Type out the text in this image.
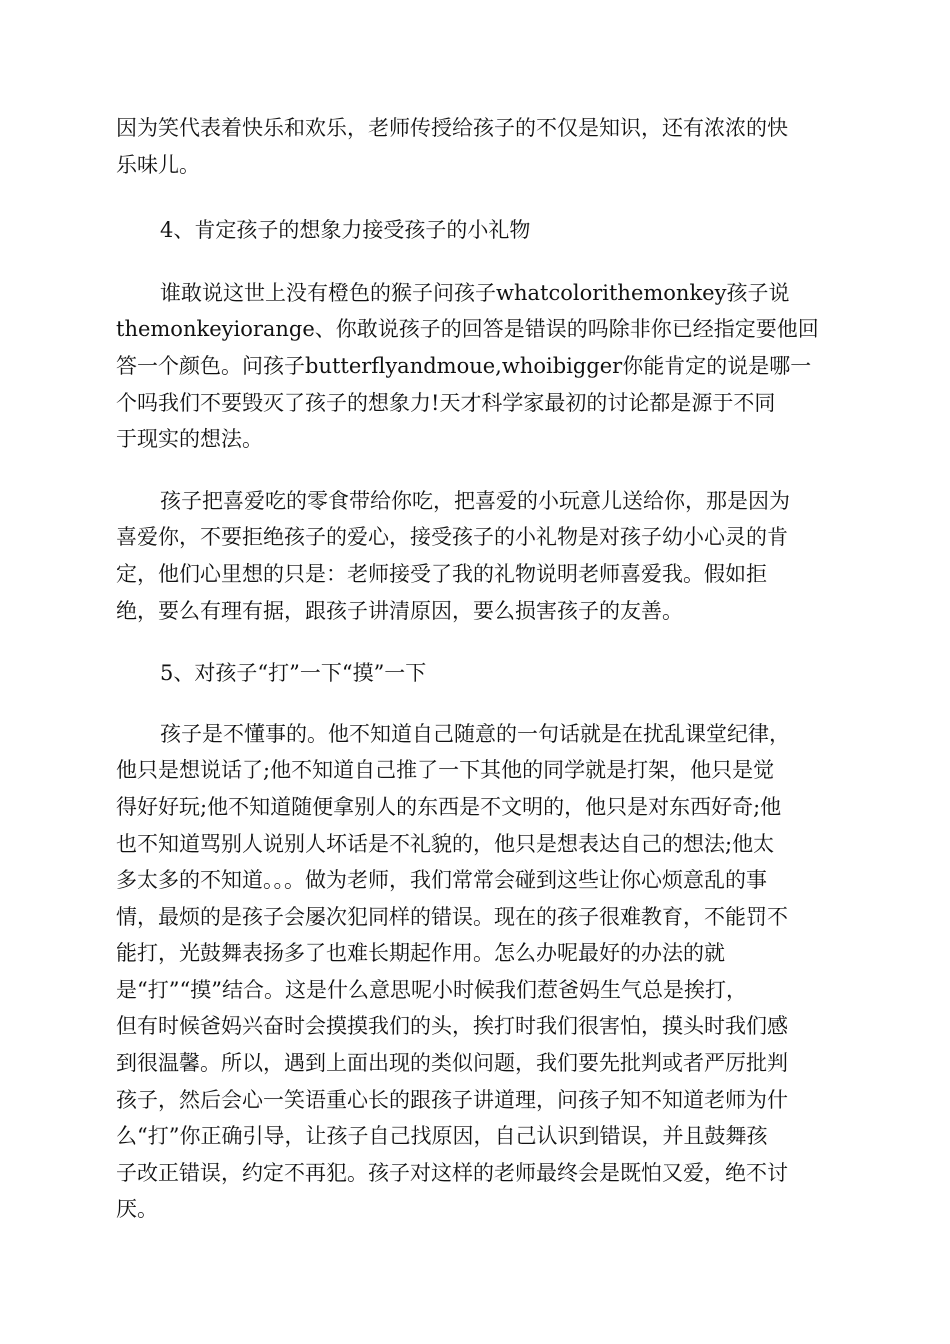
因为笑代表着快乐和欢乐，老师传授给孩子的不仅是知识，还有浓浓的快
乐味儿。

4、肯定孩子的想象力接受孩子的小礼物

谁敢说这世上没有橙色的猴子问孩子whatcolorithemonkey孩子说
themonkeyiorange、你敢说孩子的回答是错误的吗除非你已经指定要他回
答一个颜色。问孩子butterflyandmoue,whoibigger你能肯定的说是哪一
个吗我们不要毁灭了孩子的想象力!天才科学家最初的讨论都是源于不同
于现实的想法。

孩子把喜爱吃的零食带给你吃，把喜爱的小玩意儿送给你，那是因为
喜爱你，不要拒绝孩子的爱心，接受孩子的小礼物是对孩子幼小心灵的肯
定，他们心里想的只是：老师接受了我的礼物说明老师喜爱我。假如拒
绝，要么有理有据，跟孩子讲清原因，要么损害孩子的友善。

5、对孩子“打”一下“摸”一下

孩子是不懂事的。他不知道自己随意的一句话就是在扰乱课堂纪律，
他只是想说话了;他不知道自己推了一下其他的同学就是打架，他只是觉
得好好玩;他不知道随便拿别人的东西是不文明的，他只是对东西好奇;他
也不知道骂别人说别人坏话是不礼貌的，他只是想表达自己的想法;他太
多太多的不知道。。。做为老师，我们常常会碰到这些让你心烦意乱的事
情，最烦的是孩子会屡次犯同样的错误。现在的孩子很难教育，不能罚不
能打，光鼓舞表扬多了也难长期起作用。怎么办呢最好的办法的就
是“打”“摸”结合。这是什么意思呢小时候我们惹爸妈生气总是挨打，
但有时候爸妈兴奋时会摸摸我们的头，挨打时我们很害怕，摸头时我们感
到很温馨。所以，遇到上面出现的类似问题，我们要先批判或者严厉批判
孩子，然后会心一笑语重心长的跟孩子讲道理，问孩子知不知道老师为什
么“打”你正确引导，让孩子自己找原因，自己认识到错误，并且鼓舞孩
子改正错误，约定不再犯。孩子对这样的老师最终会是既怕又爱，绝不讨
厌。
